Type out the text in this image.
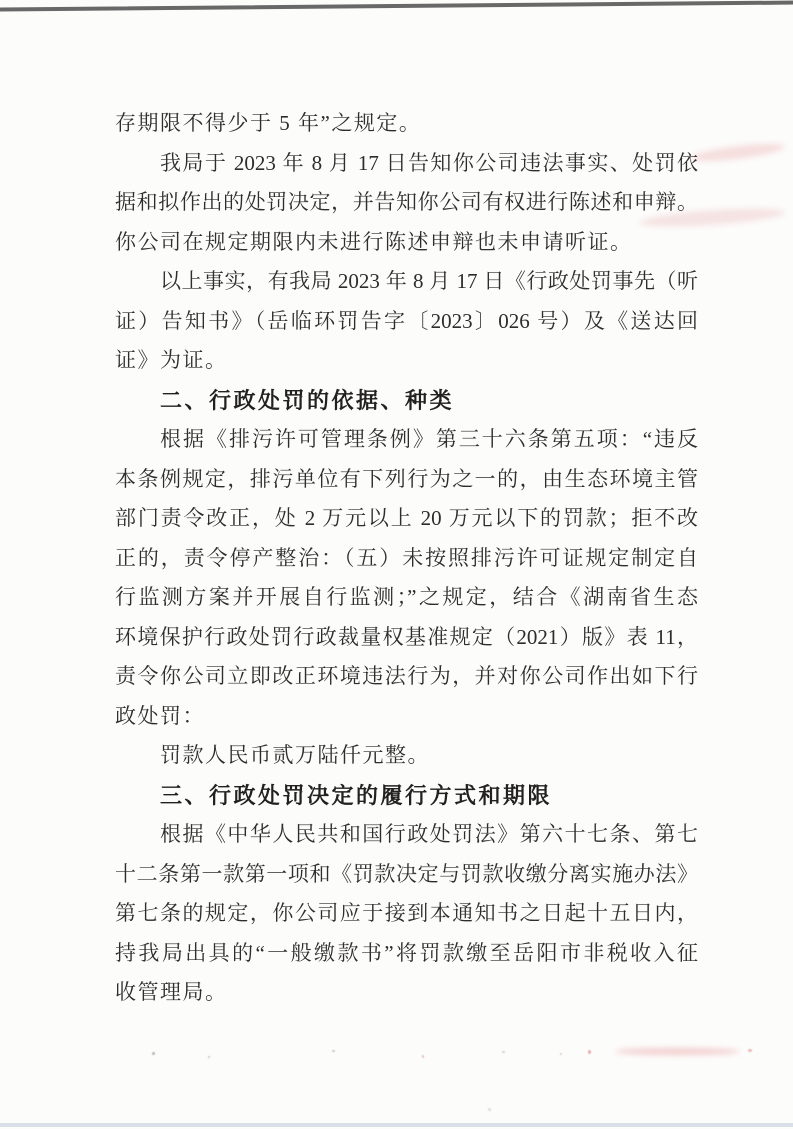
存期限不得少于 5 年”之规定。
我局于 2023 年 8 月 17 日告知你公司违法事实、处罚依
据和拟作出的处罚决定，并告知你公司有权进行陈述和申辩。
你公司在规定期限内未进行陈述申辩也未申请听证。
以上事实，有我局 2023 年 8 月 17 日《行政处罚事先（听
证）告知书》（岳临环罚告字〔2023〕026 号）及《送达回
证》为证。
二、行政处罚的依据、种类
根据《排污许可管理条例》第三十六条第五项：“违反
本条例规定，排污单位有下列行为之一的，由生态环境主管
部门责令改正，处 2 万元以上 20 万元以下的罚款；拒不改
正的，责令停产整治：（五）未按照排污许可证规定制定自
行监测方案并开展自行监测；”之规定，结合《湖南省生态
环境保护行政处罚行政裁量权基准规定（2021）版》表 11，
责令你公司立即改正环境违法行为，并对你公司作出如下行
政处罚：
罚款人民币贰万陆仟元整。
三、行政处罚决定的履行方式和期限
根据《中华人民共和国行政处罚法》第六十七条、第七
十二条第一款第一项和《罚款决定与罚款收缴分离实施办法》
第七条的规定，你公司应于接到本通知书之日起十五日内，
持我局出具的“一般缴款书”将罚款缴至岳阳市非税收入征
收管理局。
